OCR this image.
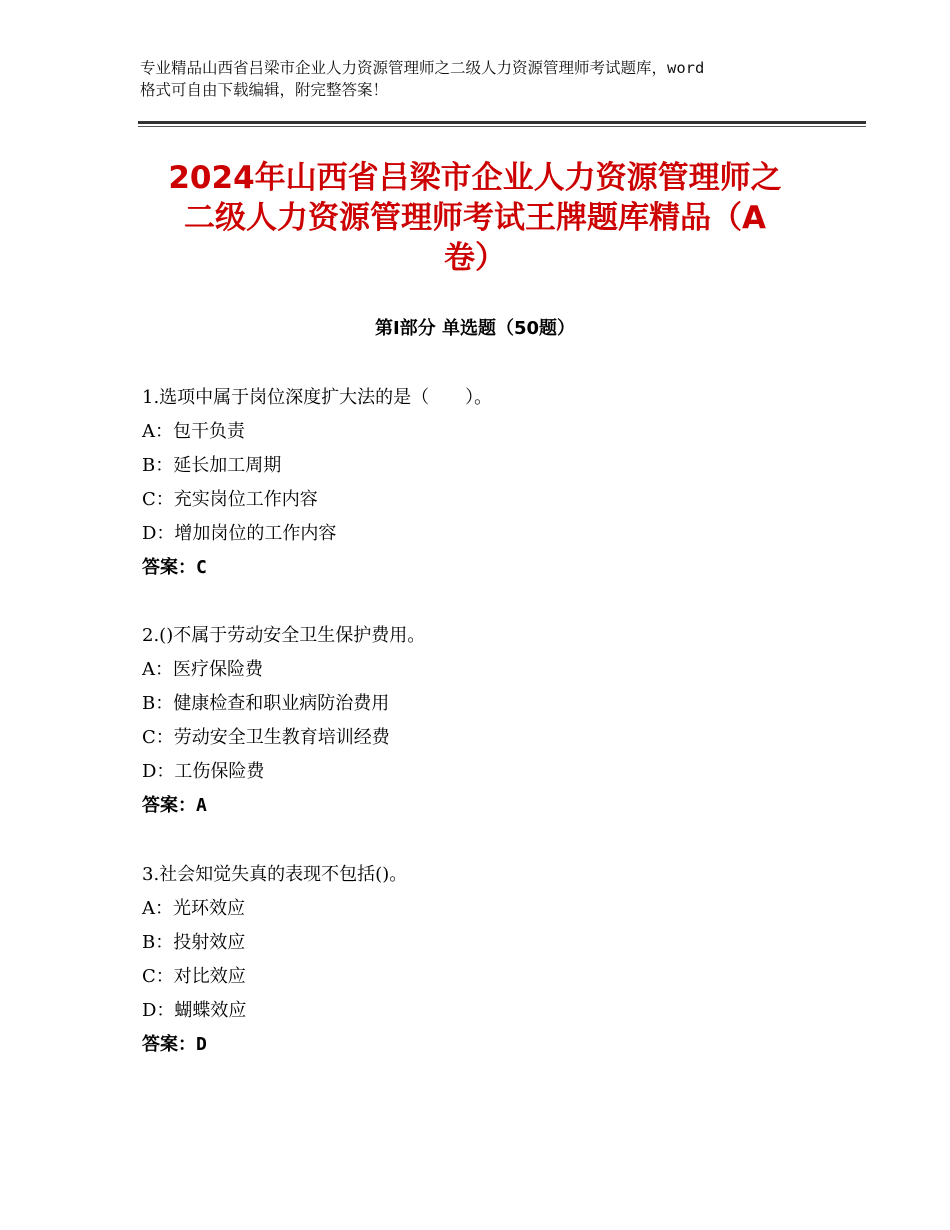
专业精品山西省吕梁市企业人力资源管理师之二级人力资源管理师考试题库，word
格式可自由下载编辑，附完整答案！
2024年山西省吕梁市企业人力资源管理师之
二级人力资源管理师考试王牌题库精品（A
卷）
第Ⅰ部分 单选题（50题）
1.选项中属于岗位深度扩大法的是（　　）。
A：包干负责
B：延长加工周期
C：充实岗位工作内容
D：增加岗位的工作内容
答案：C
2.()不属于劳动安全卫生保护费用。
A：医疗保险费
B：健康检查和职业病防治费用
C：劳动安全卫生教育培训经费
D：工伤保险费
答案：A
3.社会知觉失真的表现不包括()。
A：光环效应
B：投射效应
C：对比效应
D：蝴蝶效应
答案：D
